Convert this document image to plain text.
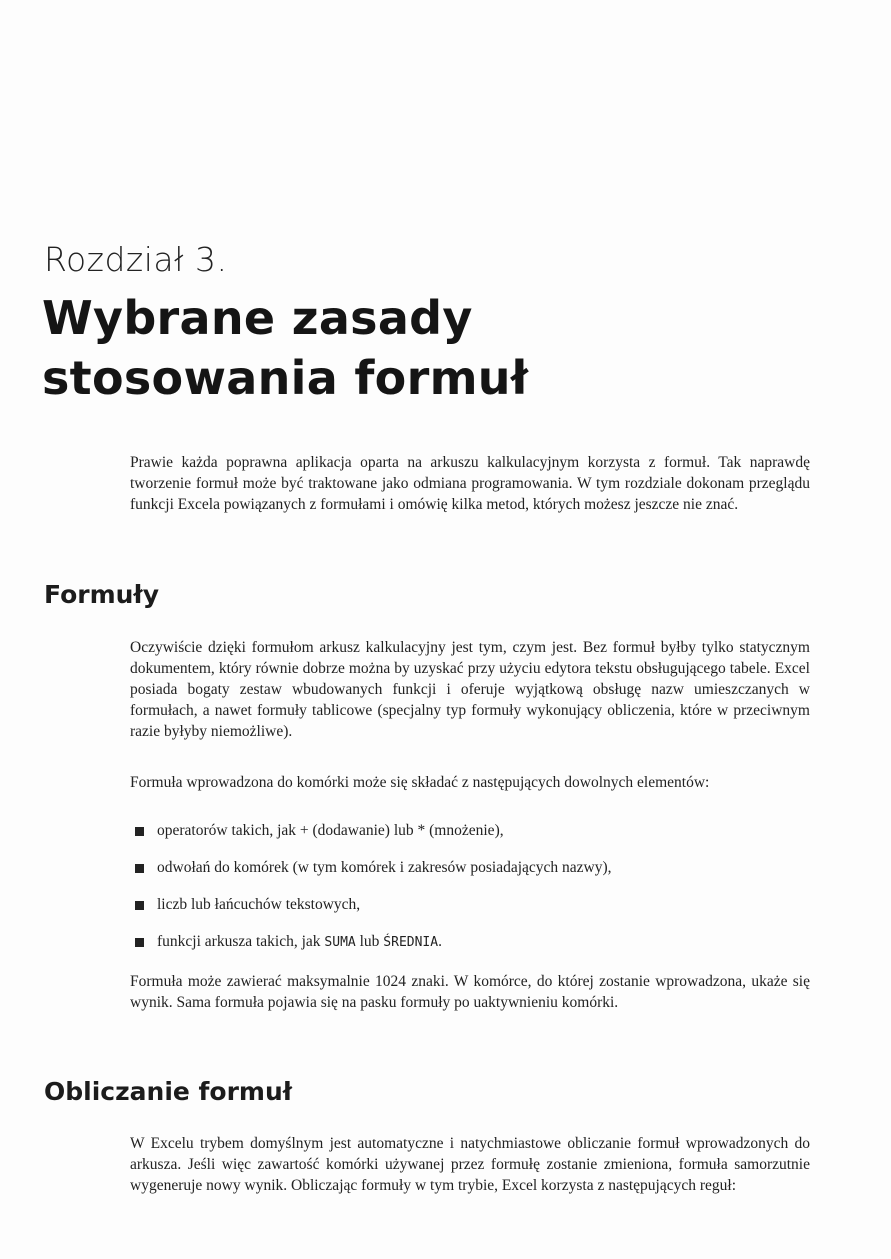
Rozdział 3.
Wybrane zasady
stosowania formuł

Prawie każda poprawna aplikacja oparta na arkuszu kalkulacyjnym korzysta z formuł. Tak naprawdę tworzenie formuł może być traktowane jako odmiana programowania. W tym rozdziale dokonam przeglądu funkcji Excela powiązanych z formułami i omówię kilka metod, których możesz jeszcze nie znać.

Formuły

Oczywiście dzięki formułom arkusz kalkulacyjny jest tym, czym jest. Bez formuł byłby tylko statycznym dokumentem, który równie dobrze można by uzyskać przy użyciu edytora tekstu obsługującego tabele. Excel posiada bogaty zestaw wbudowanych funkcji i oferuje wyjątkową obsługę nazw umieszczanych w formułach, a nawet formuły tablicowe (specjalny typ formuły wykonujący obliczenia, które w przeciwnym razie byłyby niemożliwe).

Formuła wprowadzona do komórki może się składać z następujących dowolnych elementów:

operatorów takich, jak + (dodawanie) lub * (mnożenie),
odwołań do komórek (w tym komórek i zakresów posiadających nazwy),
liczb lub łańcuchów tekstowych,
funkcji arkusza takich, jak SUMA lub ŚREDNIA.

Formuła może zawierać maksymalnie 1024 znaki. W komórce, do której zostanie wprowadzona, ukaże się wynik. Sama formuła pojawia się na pasku formuły po uaktywnieniu komórki.

Obliczanie formuł

W Excelu trybem domyślnym jest automatyczne i natychmiastowe obliczanie formuł wprowadzonych do arkusza. Jeśli więc zawartość komórki używanej przez formułę zostanie zmieniona, formuła samorzutnie wygeneruje nowy wynik. Obliczając formuły w tym trybie, Excel korzysta z następujących reguł:
